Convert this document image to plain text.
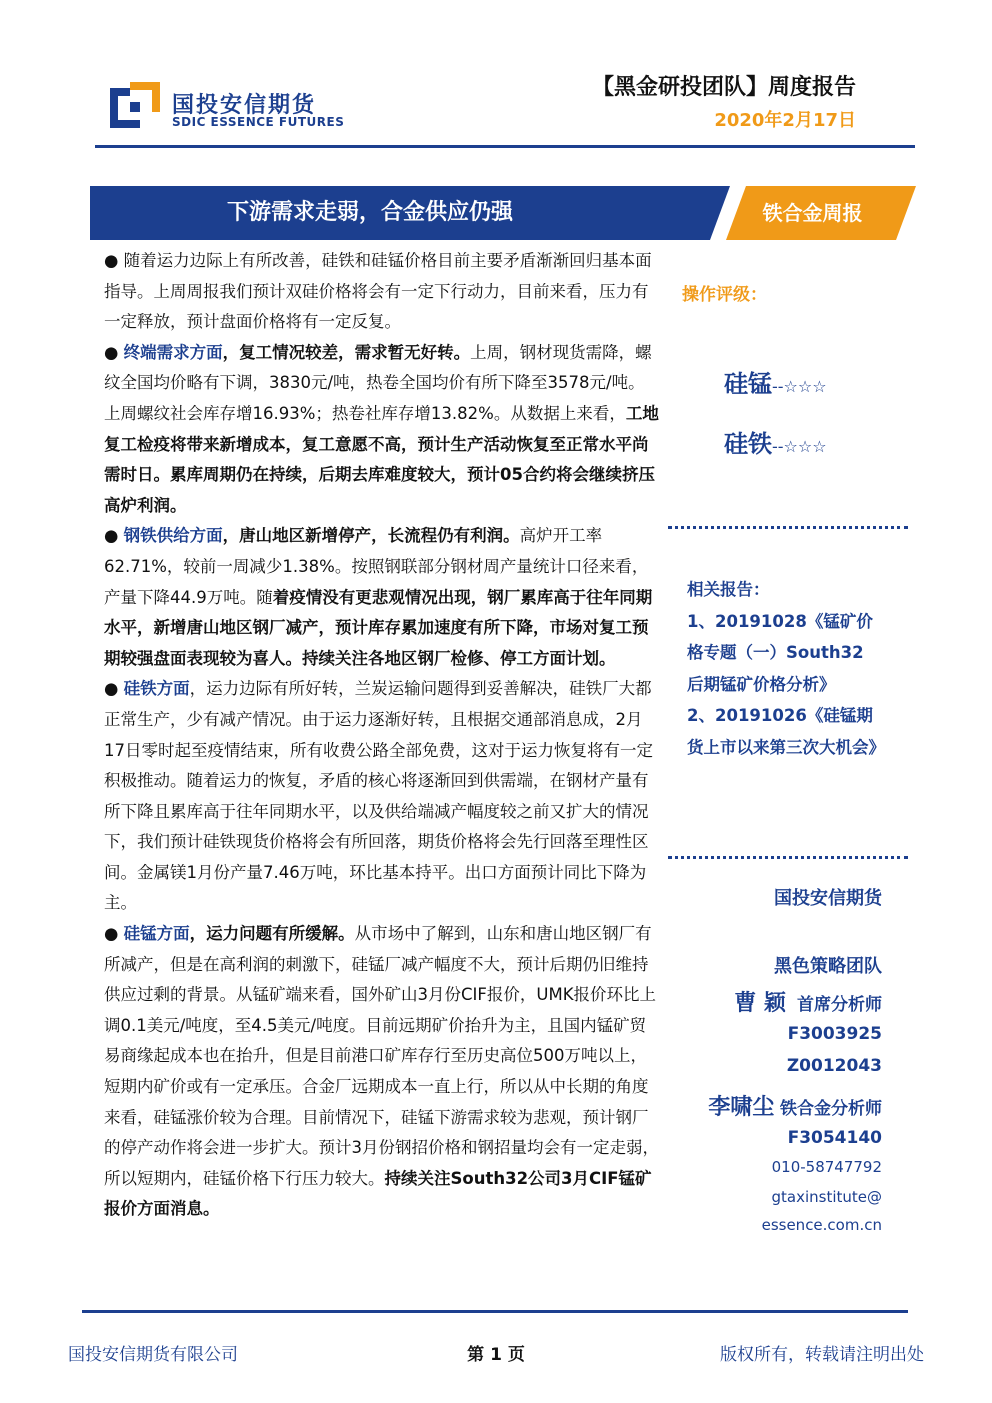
国投安信期货
SDIC ESSENCE FUTURES
【黑金研投团队】周度报告
2020年2月17日
下游需求走弱，合金供应仍强	铁合金周报

● 随着运力边际上有所改善，硅铁和硅锰价格目前主要矛盾渐渐回归基本面指导。上周周报我们预计双硅价格将会有一定下行动力，目前来看，压力有一定释放，预计盘面价格将有一定反复。

● 终端需求方面，复工情况较差，需求暂无好转。上周，钢材现货需降，螺纹全国均价略有下调，3830元/吨，热卷全国均价有所下降至3578元/吨。上周螺纹社会库存增16.93%；热卷社库存增13.82%。从数据上来看，工地复工检疫将带来新增成本，复工意愿不高，预计生产活动恢复至正常水平尚需时日。累库周期仍在持续，后期去库难度较大，预计05合约将会继续挤压高炉利润。

● 钢铁供给方面，唐山地区新增停产，长流程仍有利润。高炉开工率62.71%，较前一周减少1.38%。按照钢联部分钢材周产量统计口径来看，产量下降44.9万吨。随着疫情没有更悲观情况出现，钢厂累库高于往年同期水平，新增唐山地区钢厂减产，预计库存累加速度有所下降，市场对复工预期较强盘面表现较为喜人。持续关注各地区钢厂检修、停工方面计划。

● 硅铁方面，运力边际有所好转，兰炭运输问题得到妥善解决，硅铁厂大都正常生产，少有减产情况。由于运力逐渐好转，且根据交通部消息成，2月17日零时起至疫情结束，所有收费公路全部免费，这对于运力恢复将有一定积极推动。随着运力的恢复，矛盾的核心将逐渐回到供需端，在钢材产量有所下降且累库高于往年同期水平，以及供给端减产幅度较之前又扩大的情况下，我们预计硅铁现货价格将会有所回落，期货价格将会先行回落至理性区间。金属镁1月份产量7.46万吨，环比基本持平。出口方面预计同比下降为主。

● 硅锰方面，运力问题有所缓解。从市场中了解到，山东和唐山地区钢厂有所减产，但是在高利润的刺激下，硅锰厂减产幅度不大，预计后期仍旧维持供应过剩的背景。从锰矿端来看，国外矿山3月份CIF报价，UMK报价环比上调0.1美元/吨度，至4.5美元/吨度。目前远期矿价抬升为主，且国内锰矿贸易商缘起成本也在抬升，但是目前港口矿库存行至历史高位500万吨以上，短期内矿价或有一定承压。合金厂远期成本一直上行，所以从中长期的角度来看，硅锰涨价较为合理。目前情况下，硅锰下游需求较为悲观，预计钢厂的停产动作将会进一步扩大。预计3月份钢招价格和钢招量均会有一定走弱，所以短期内，硅锰价格下行压力较大。持续关注South32公司3月CIF锰矿报价方面消息。

操作评级：
硅锰--☆☆☆
硅铁--☆☆☆
相关报告：
1、20191028《锰矿价
格专题（一）South32
后期锰矿价格分析》
2、20191026《硅锰期
货上市以来第三次大机会》
国投安信期货
黑色策略团队
曹 颖 首席分析师
F3003925
Z0012043
李啸尘 铁合金分析师
F3054140
010-58747792
gtaxinstitute@
essence.com.cn
国投安信期货有限公司	第 1 页	版权所有，转载请注明出处
